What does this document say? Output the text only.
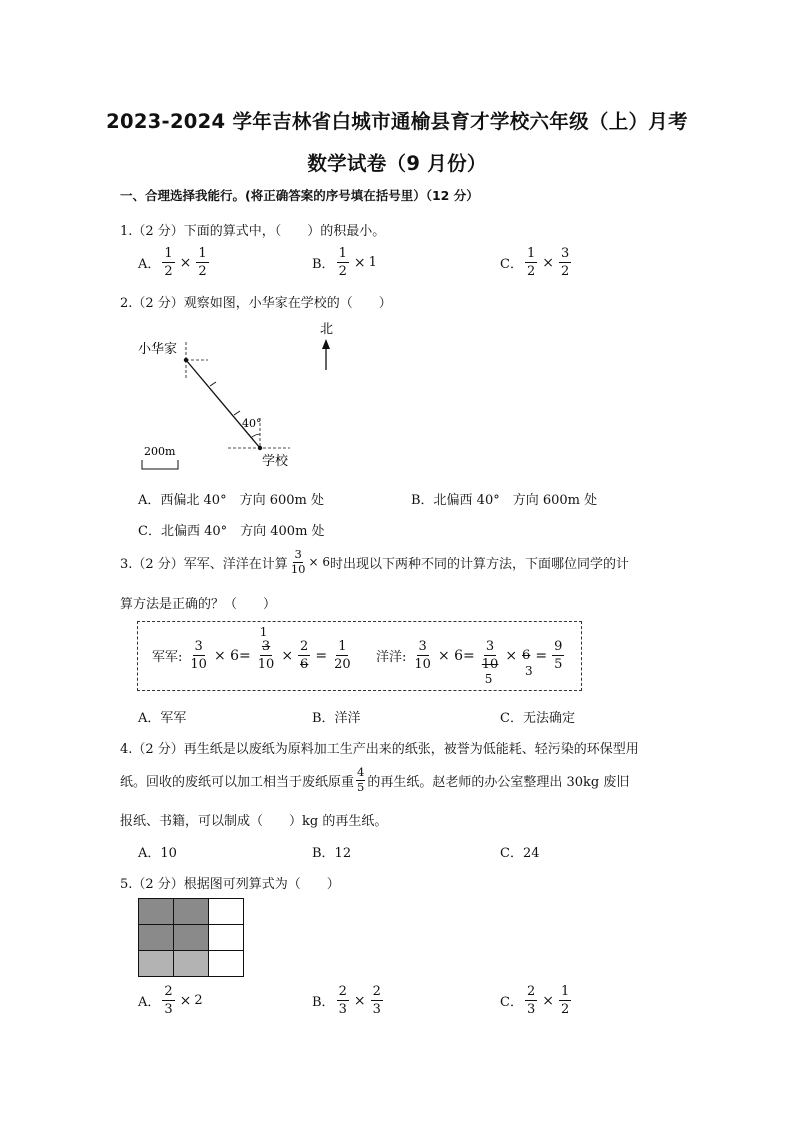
2023-2024 学年吉林省白城市通榆县育才学校六年级（上）月考
数学试卷（9 月份）
一、合理选择我能行。(将正确答案的序号填在括号里）（12 分）
1.（2 分）下面的算式中，（　　）的积最小。
A． $\frac{1}{2} \times \frac{1}{2}$	B． $\frac{1}{2} \times 1$	C． $\frac{1}{2} \times \frac{3}{2}$
2.（2 分）观察如图，小华家在学校的（　　）
北
小华家
40°
学校
200m
A．西偏北 40°　方向 600m 处	B．北偏西 40°　方向 600m 处
C．北偏西 40°　方向 400m 处
3.（2 分）军军、洋洋在计算 $\frac{3}{10} \times 6$ 时出现以下两种不同的计算方法，下面哪位同学的计
算方法是正确的？（　　）
军军: $\frac{3}{10} \times 6=$
1
3
10
× $\frac{2}{6} = \frac{1}{20}$ 洋洋: $\frac{3}{10} \times 6=$
3
10
5
× 6
3
= $\frac{9}{5}$
A．军军	B．洋洋	C．无法确定
4.（2 分）再生纸是以废纸为原料加工生产出来的纸张，被誉为低能耗、轻污染的环保型用
纸。回收的废纸可以加工相当于废纸原重 $\frac{4}{5}$ 的再生纸。赵老师的办公室整理出 30kg 废旧
报纸、书籍，可以制成（　　）kg 的再生纸。
A．10	B．12	C．24
5.（2 分）根据图可列算式为（　　）
A． $\frac{2}{3} \times 2$	B． $\frac{2}{3} \times \frac{2}{3}$	C． $\frac{2}{3} \times \frac{1}{2}$
